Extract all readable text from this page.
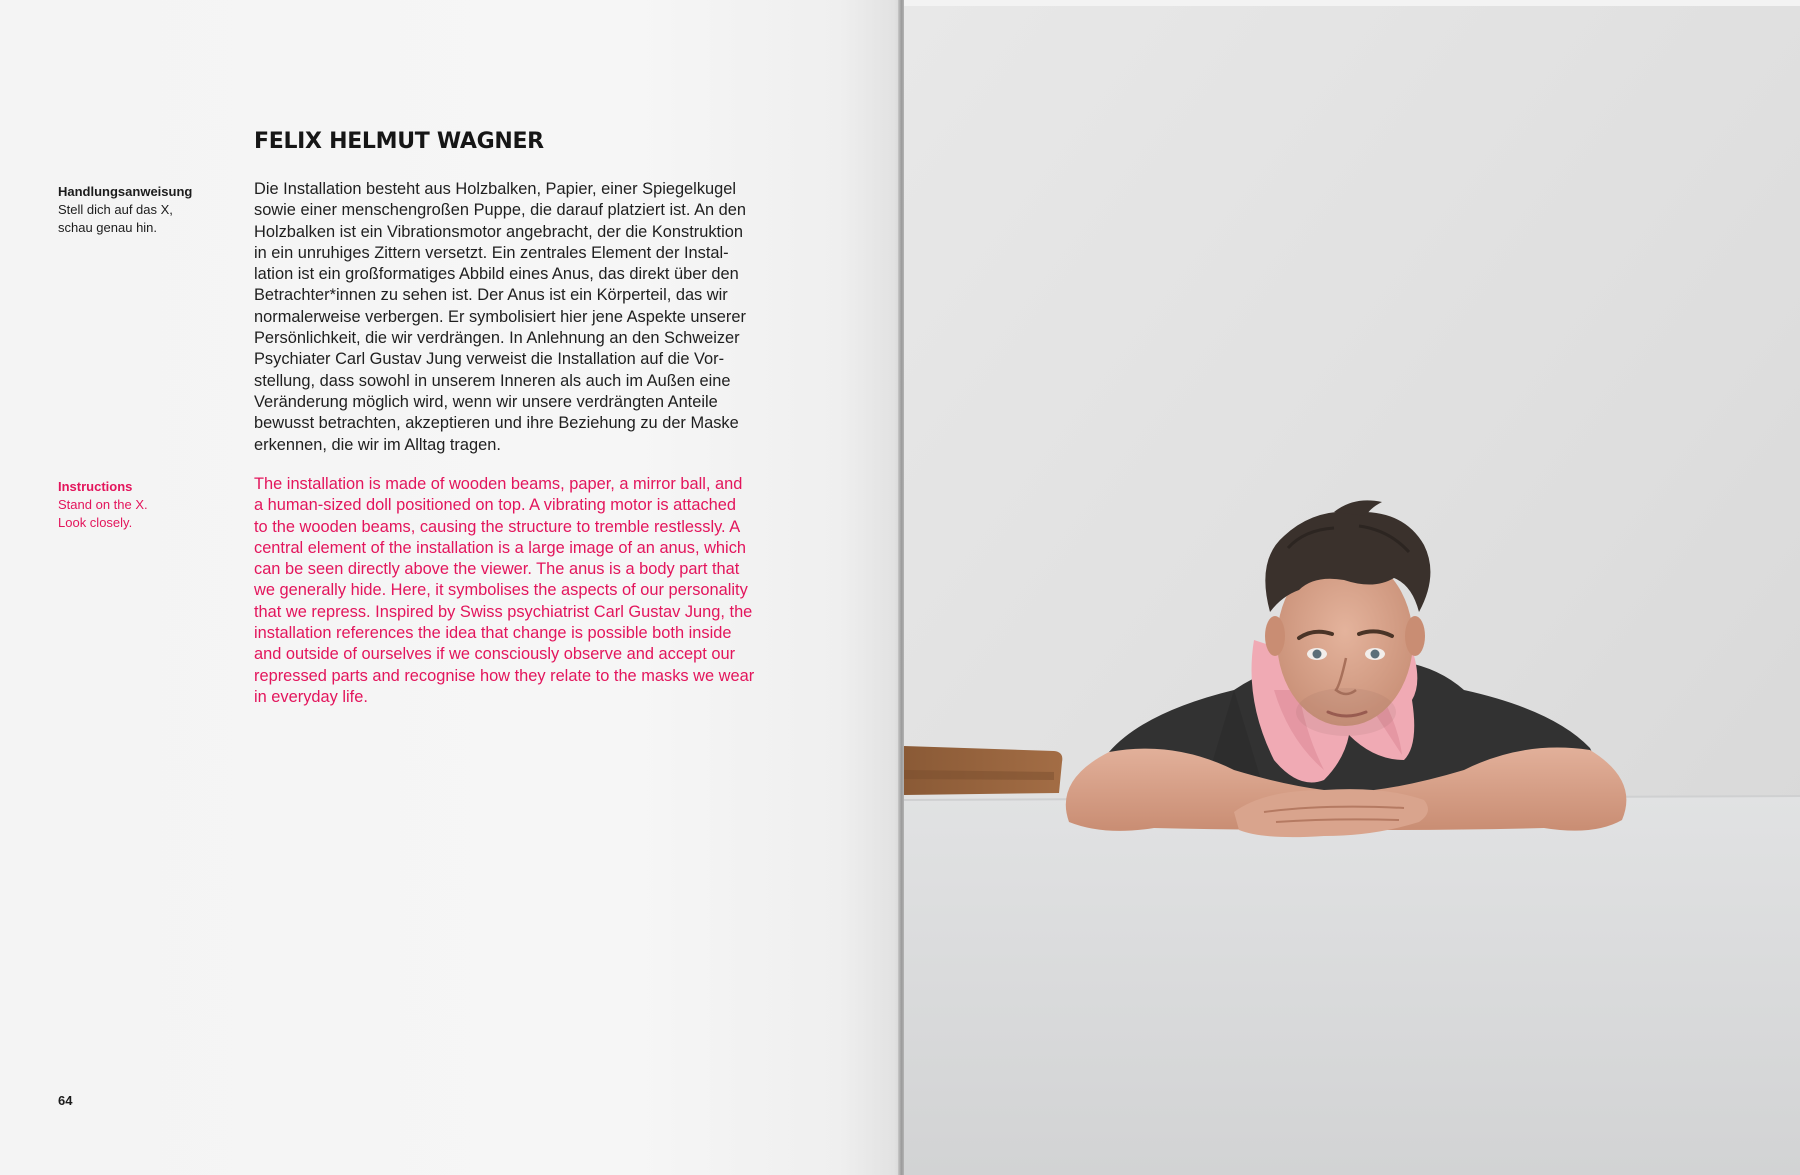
FELIX HELMUT WAGNER
Handlungsanweisung
Stell dich auf das X,
schau genau hin.

Die Installation besteht aus Holzbalken, Papier, einer Spiegelkugel
sowie einer menschengroßen Puppe, die darauf platziert ist. An den
Holzbalken ist ein Vibrationsmotor angebracht, der die Konstruktion
in ein unruhiges Zittern versetzt. Ein zentrales Element der Instal-
lation ist ein großformatiges Abbild eines Anus, das direkt über den
Betrachter*innen zu sehen ist. Der Anus ist ein Körperteil, das wir
normalerweise verbergen. Er symbolisiert hier jene Aspekte unserer
Persönlichkeit, die wir verdrängen. In Anlehnung an den Schweizer
Psychiater Carl Gustav Jung verweist die Installation auf die Vor-
stellung, dass sowohl in unserem Inneren als auch im Außen eine
Veränderung möglich wird, wenn wir unsere verdrängten Anteile
bewusst betrachten, akzeptieren und ihre Beziehung zu der Maske
erkennen, die wir im Alltag tragen.

Instructions
Stand on the X.
Look closely.

The installation is made of wooden beams, paper, a mirror ball, and
a human-sized doll positioned on top. A vibrating motor is attached
to the wooden beams, causing the structure to tremble restlessly. A
central element of the installation is a large image of an anus, which
can be seen directly above the viewer. The anus is a body part that
we generally hide. Here, it symbolises the aspects of our personality
that we repress. Inspired by Swiss psychiatrist Carl Gustav Jung, the
installation references the idea that change is possible both inside
and outside of ourselves if we consciously observe and accept our
repressed parts and recognise how they relate to the masks we wear
in everyday life.

64
